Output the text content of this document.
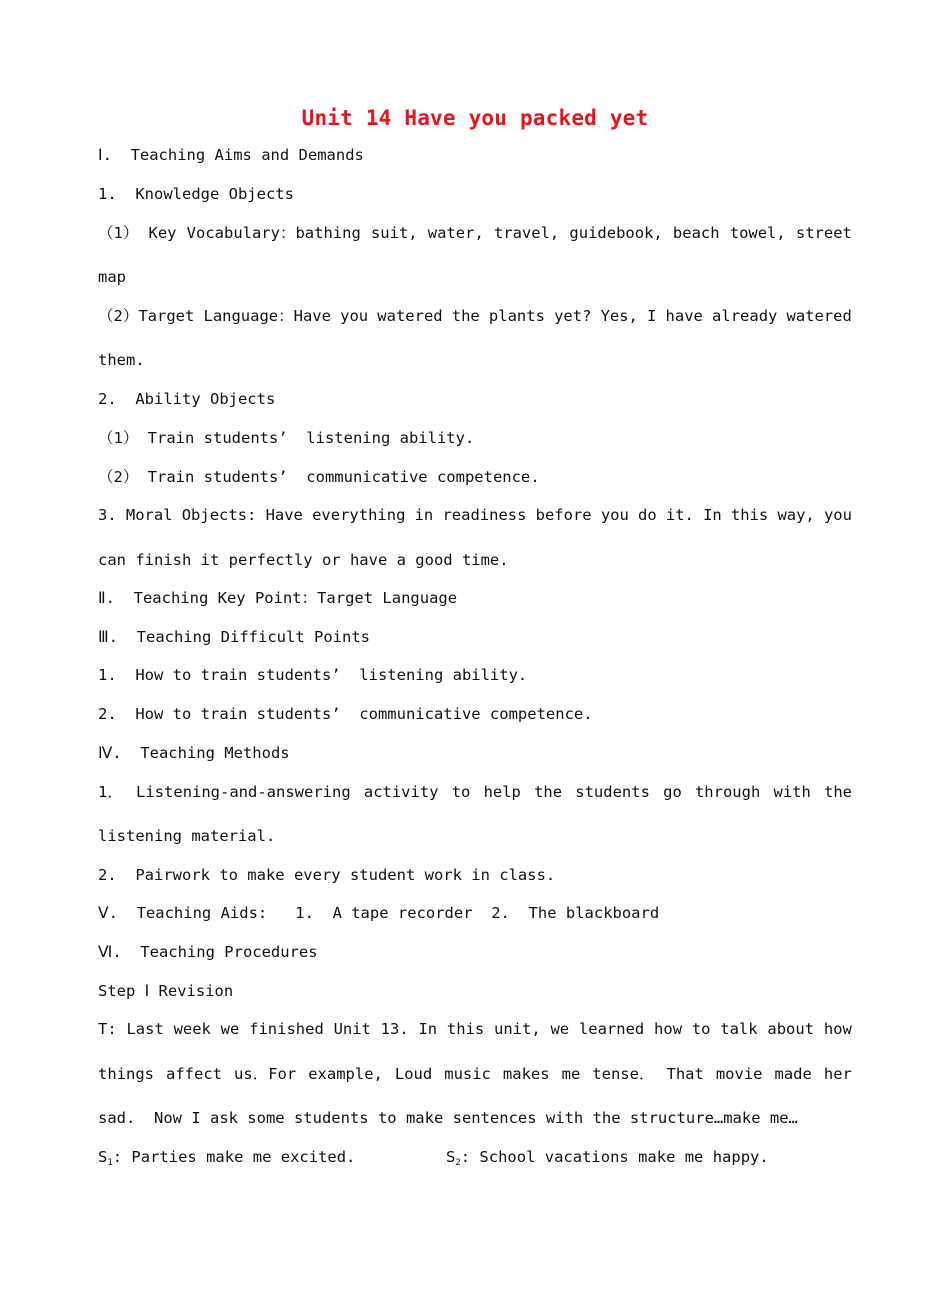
Unit 14 Have you packed yet
Ⅰ.  Teaching Aims and Demands
1.  Knowledge Objects
（1） Key Vocabulary：bathing suit, water, travel, guidebook, beach towel, street
map
（2）Target Language：Have you watered the plants yet? Yes, I have already watered
them.
2.  Ability Objects
（1） Train students’  listening ability.
（2） Train students’  communicative competence.
3. Moral Objects: Have everything in readiness before you do it. In this way, you
can finish it perfectly or have a good time.
Ⅱ.  Teaching Key Point：Target Language
Ⅲ.  Teaching Difficult Points
1.  How to train students’  listening ability.
2.  How to train students’  communicative competence.
Ⅳ.  Teaching Methods
1． Listening-and-answering activity to help the students go through with the
listening material.
2.  Pairwork to make every student work in class.
Ⅴ.  Teaching Aids:   1.  A tape recorder  2.  The blackboard
Ⅵ.  Teaching Procedures
Step Ⅰ Revision
T: Last week we finished Unit 13. In this unit, we learned how to talk about how
things affect us．For example, Loud music makes me tense． That movie made her
sad.  Now I ask some students to make sentences with the structure…make me…
$S_1$: Parties make me excited.	$S_2$: School vacations make me happy.
